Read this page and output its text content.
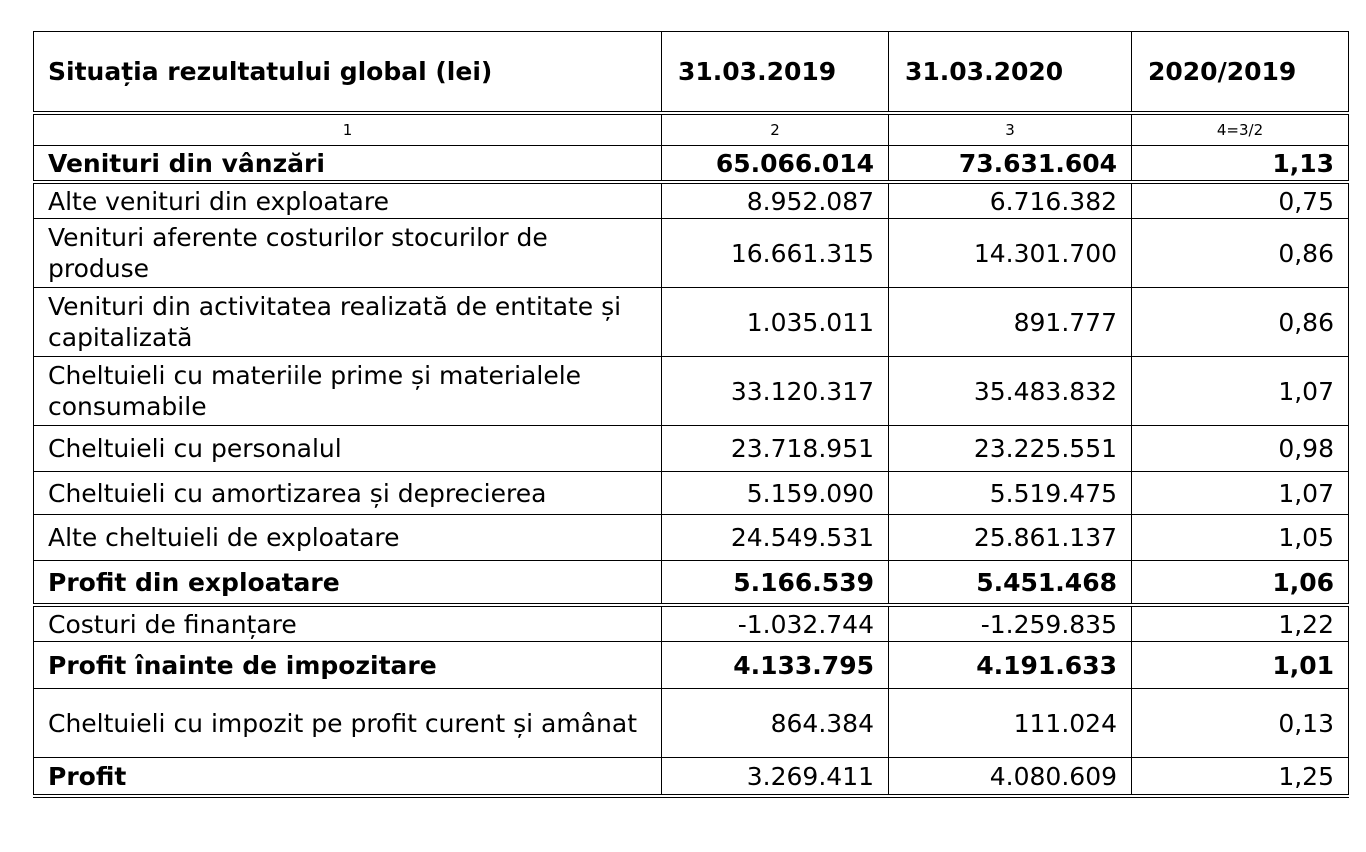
Situația rezultatului global (lei)	31.03.2019	31.03.2020	2020/2019
1	2	3	4=3/2
Venituri din vânzări	65.066.014	73.631.604	1,13
Alte venituri din exploatare	8.952.087	6.716.382	0,75
Venituri aferente costurilor stocurilor de produse	16.661.315	14.301.700	0,86
Venituri din activitatea realizată de entitate și capitalizată	1.035.011	891.777	0,86
Cheltuieli cu materiile prime și materialele consumabile	33.120.317	35.483.832	1,07
Cheltuieli cu personalul	23.718.951	23.225.551	0,98
Cheltuieli cu amortizarea și deprecierea	5.159.090	5.519.475	1,07
Alte cheltuieli de exploatare	24.549.531	25.861.137	1,05
Profit din exploatare	5.166.539	5.451.468	1,06
Costuri de finanțare	-1.032.744	-1.259.835	1,22
Profit înainte de impozitare	4.133.795	4.191.633	1,01
Cheltuieli cu impozit pe profit curent și amânat	864.384	111.024	0,13
Profit	3.269.411	4.080.609	1,25
